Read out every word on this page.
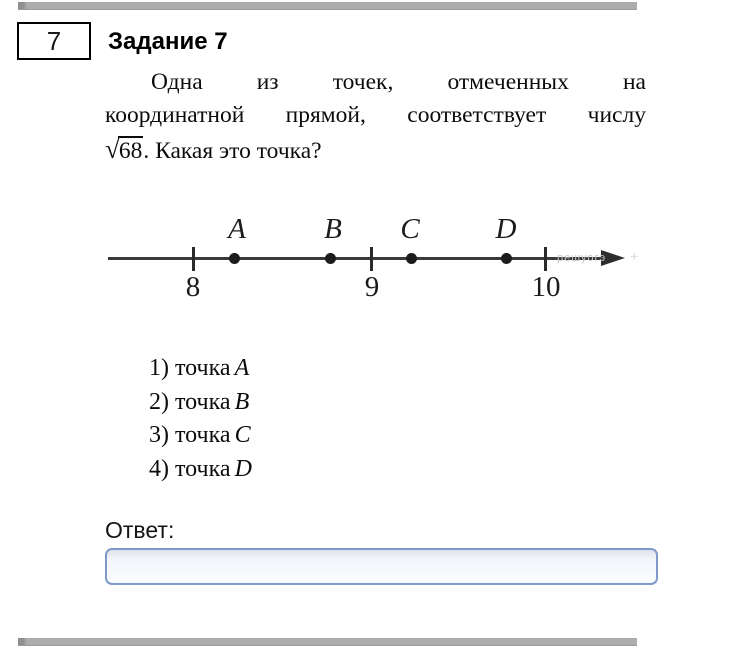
7 Задание 7
Одна из точек, отмеченных на
координатной прямой, соответствует числу
√ 68 . Какая это точка?
решуогэ +
8	9	10
A	B C	D
1) точка A
2) точка B
3) точка C
4) точка D
Ответ:
